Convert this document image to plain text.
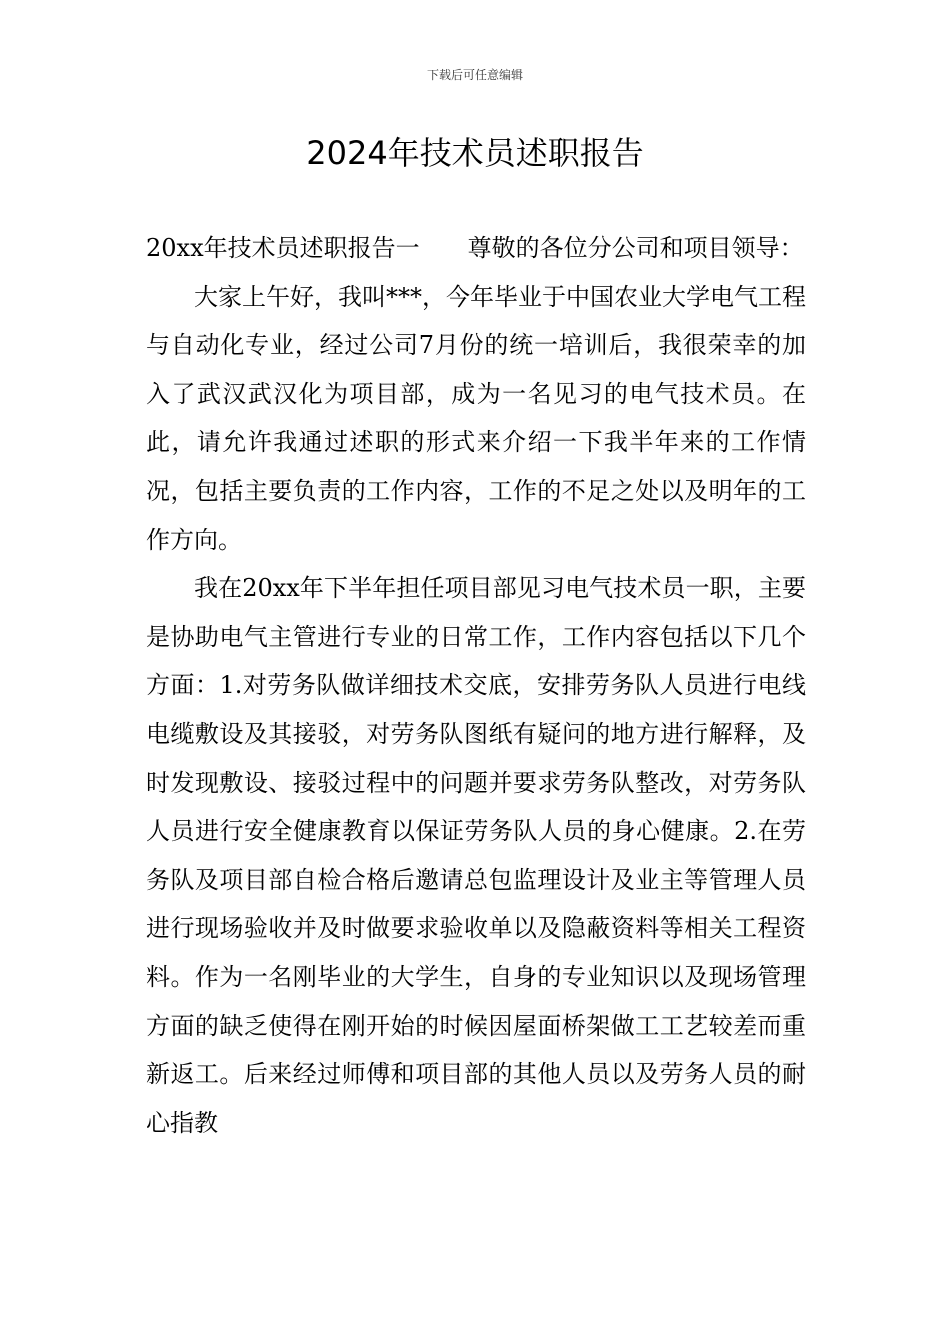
下载后可任意编辑
2024年技术员述职报告

20xx年技术员述职报告一　　尊敬的各位分公司和项目领导：

大家上午好，我叫***，今年毕业于中国农业大学电气工程与自动化专业，经过公司7月份的统一培训后，我很荣幸的加入了武汉武汉化为项目部，成为一名见习的电气技术员。在此，请允许我通过述职的形式来介绍一下我半年来的工作情况，包括主要负责的工作内容，工作的不足之处以及明年的工作方向。

我在20xx年下半年担任项目部见习电气技术员一职，主要是协助电气主管进行专业的日常工作，工作内容包括以下几个方面：1.对劳务队做详细技术交底，安排劳务队人员进行电线电缆敷设及其接驳，对劳务队图纸有疑问的地方进行解释，及时发现敷设、接驳过程中的问题并要求劳务队整改，对劳务队人员进行安全健康教育以保证劳务队人员的身心健康。2.在劳务队及项目部自检合格后邀请总包监理设计及业主等管理人员进行现场验收并及时做要求验收单以及隐蔽资料等相关工程资料。作为一名刚毕业的大学生，自身的专业知识以及现场管理方面的缺乏使得在刚开始的时候因屋面桥架做工工艺较差而重新返工。后来经过师傅和项目部的其他人员以及劳务人员的耐心指教
